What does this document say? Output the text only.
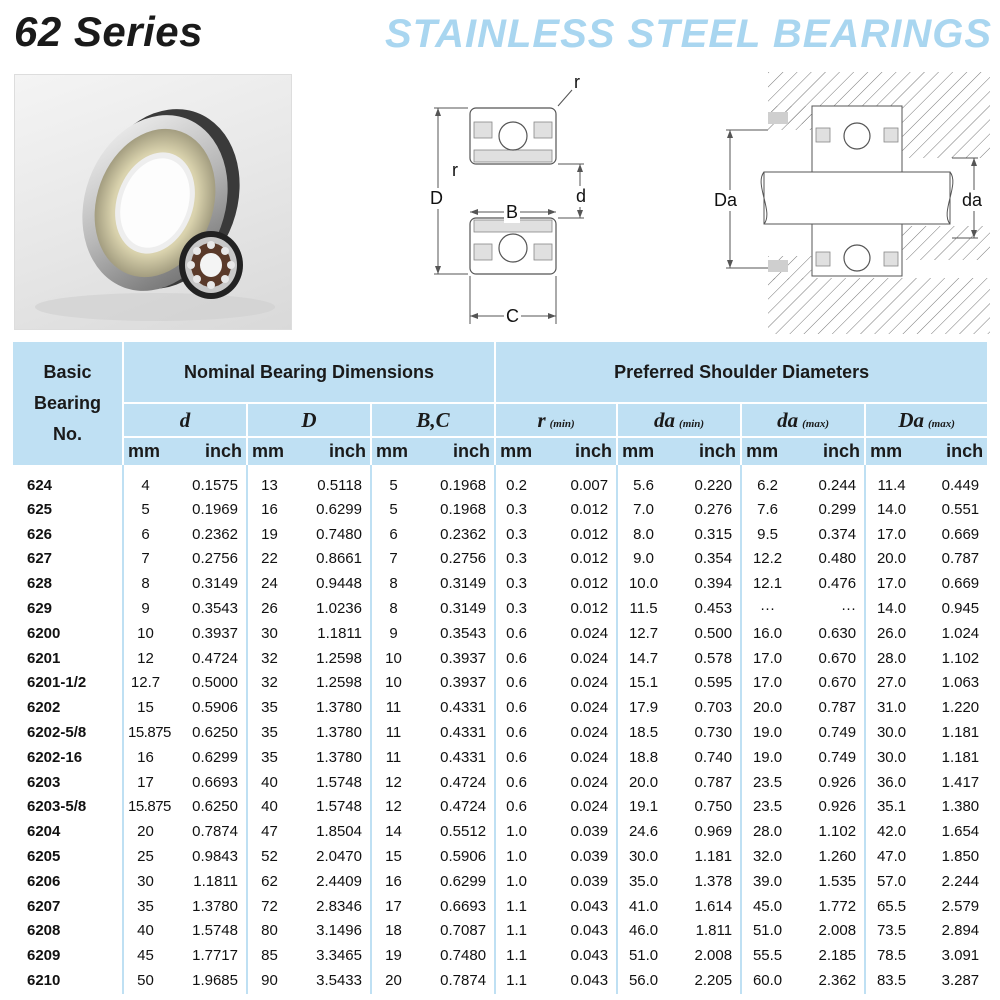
62 Series	STAINLESS STEEL BEARINGS
r
r
D
B
d
C
Da	da
Basic
Bearing
No.	Nominal Bearing Dimensions						Preferred Shoulder Diameters							
	d		D		B,C		r (min)		da (min)		da (max)		Da (max)	
	mm	inch	mm	inch	mm	inch	mm	inch	mm	inch	mm	inch	mm	inch
624	4	0.1575	13	0.5118	5	0.1968	0.2	0.007	5.6	0.220	6.2	0.244	11.4	0.449
625	5	0.1969	16	0.6299	5	0.1968	0.3	0.012	7.0	0.276	7.6	0.299	14.0	0.551
626	6	0.2362	19	0.7480	6	0.2362	0.3	0.012	8.0	0.315	9.5	0.374	17.0	0.669
627	7	0.2756	22	0.8661	7	0.2756	0.3	0.012	9.0	0.354	12.2	0.480	20.0	0.787
628	8	0.3149	24	0.9448	8	0.3149	0.3	0.012	10.0	0.394	12.1	0.476	17.0	0.669
629	9	0.3543	26	1.0236	8	0.3149	0.3	0.012	11.5	0.453	···	···	14.0	0.945
6200	10	0.3937	30	1.1811	9	0.3543	0.6	0.024	12.7	0.500	16.0	0.630	26.0	1.024
6201	12	0.4724	32	1.2598	10	0.3937	0.6	0.024	14.7	0.578	17.0	0.670	28.0	1.102
6201-1/2	12.7	0.5000	32	1.2598	10	0.3937	0.6	0.024	15.1	0.595	17.0	0.670	27.0	1.063
6202	15	0.5906	35	1.3780	11	0.4331	0.6	0.024	17.9	0.703	20.0	0.787	31.0	1.220
6202-5/8	15.875	0.6250	35	1.3780	11	0.4331	0.6	0.024	18.5	0.730	19.0	0.749	30.0	1.181
6202-16	16	0.6299	35	1.3780	11	0.4331	0.6	0.024	18.8	0.740	19.0	0.749	30.0	1.181
6203	17	0.6693	40	1.5748	12	0.4724	0.6	0.024	20.0	0.787	23.5	0.926	36.0	1.417
6203-5/8	15.875	0.6250	40	1.5748	12	0.4724	0.6	0.024	19.1	0.750	23.5	0.926	35.1	1.380
6204	20	0.7874	47	1.8504	14	0.5512	1.0	0.039	24.6	0.969	28.0	1.102	42.0	1.654
6205	25	0.9843	52	2.0470	15	0.5906	1.0	0.039	30.0	1.181	32.0	1.260	47.0	1.850
6206	30	1.1811	62	2.4409	16	0.6299	1.0	0.039	35.0	1.378	39.0	1.535	57.0	2.244
6207	35	1.3780	72	2.8346	17	0.6693	1.1	0.043	41.0	1.614	45.0	1.772	65.5	2.579
6208	40	1.5748	80	3.1496	18	0.7087	1.1	0.043	46.0	1.811	51.0	2.008	73.5	2.894
6209	45	1.7717	85	3.3465	19	0.7480	1.1	0.043	51.0	2.008	55.5	2.185	78.5	3.091
6210	50	1.9685	90	3.5433	20	0.7874	1.1	0.043	56.0	2.205	60.0	2.362	83.5	3.287
